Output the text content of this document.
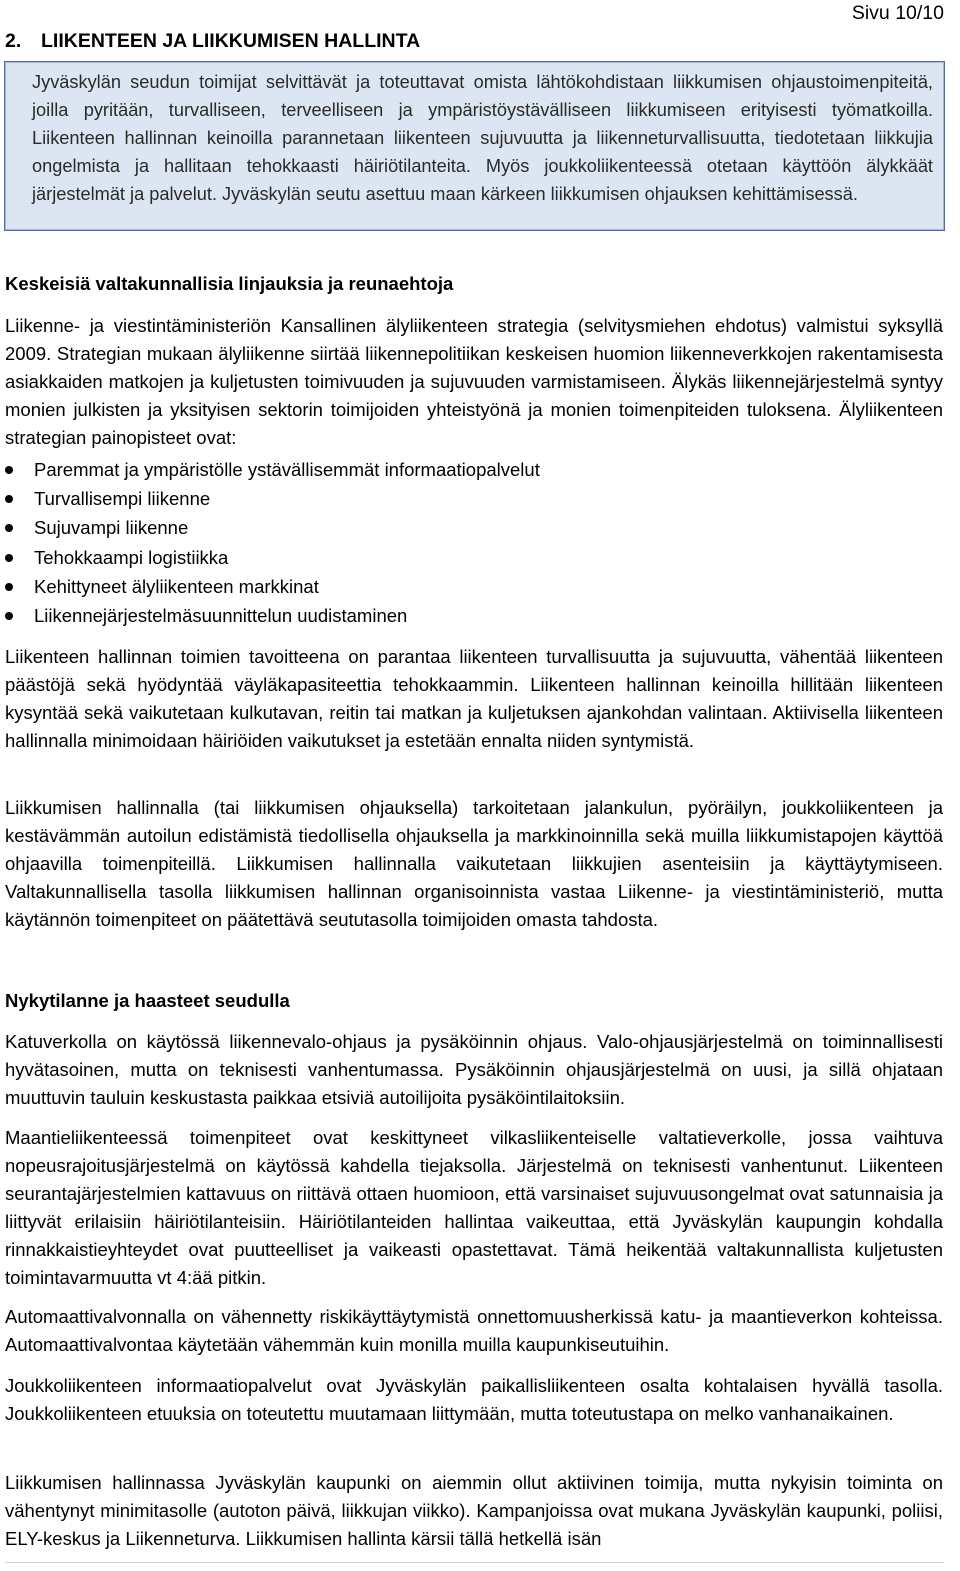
Sivu 10/10
2. LIIKENTEEN JA LIIKKUMISEN HALLINTA
Jyväskylän seudun toimijat selvittävät ja toteuttavat omista lähtökohdistaan liikkumisen ohjaustoimenpiteitä, joilla pyritään, turvalliseen, terveelliseen ja ympäristöystävälliseen liikkumiseen erityisesti työmatkoilla. Liikenteen hallinnan keinoilla parannetaan liikenteen sujuvuutta ja liikenneturvallisuutta, tiedotetaan liikkujia ongelmista ja hallitaan tehokkaasti häiriötilanteita. Myös joukkoliikenteessä otetaan käyttöön älykkäät järjestelmät ja palvelut. Jyväskylän seutu asettuu maan kärkeen liikkumisen ohjauksen kehittämisessä.
Keskeisiä valtakunnallisia linjauksia ja reunaehtoja
Liikenne- ja viestintäministeriön Kansallinen älyliikenteen strategia (selvitysmiehen ehdotus) valmistui syksyllä 2009. Strategian mukaan älyliikenne siirtää liikennepolitiikan keskeisen huomion liikenneverkkojen rakentamisesta asiakkaiden matkojen ja kuljetusten toimivuuden ja sujuvuuden varmistamiseen. Älykäs liikennejärjestelmä syntyy monien julkisten ja yksityisen sektorin toimijoiden yhteistyönä ja monien toimenpiteiden tuloksena. Älyliikenteen strategian painopisteet ovat:
Paremmat ja ympäristölle ystävällisemmät informaatiopalvelut
Turvallisempi liikenne
Sujuvampi liikenne
Tehokkaampi logistiikka
Kehittyneet älyliikenteen markkinat
Liikennejärjestelmäsuunnittelun uudistaminen
Liikenteen hallinnan toimien tavoitteena on parantaa liikenteen turvallisuutta ja sujuvuutta, vähentää liikenteen päästöjä sekä hyödyntää väyläkapasiteettia tehokkaammin. Liikenteen hallinnan keinoilla hillitään liikenteen kysyntää sekä vaikutetaan kulkutavan, reitin tai matkan ja kuljetuksen ajankohdan valintaan. Aktiivisella liikenteen hallinnalla minimoidaan häiriöiden vaikutukset ja estetään ennalta niiden syntymistä.
Liikkumisen hallinnalla (tai liikkumisen ohjauksella) tarkoitetaan jalankulun, pyöräilyn, joukkoliikenteen ja kestävämmän autoilun edistämistä tiedollisella ohjauksella ja markkinoinnilla sekä muilla liikkumistapojen käyttöä ohjaavilla toimenpiteillä. Liikkumisen hallinnalla vaikutetaan liikkujien asenteisiin ja käyttäytymiseen. Valtakunnallisella tasolla liikkumisen hallinnan organisoinnista vastaa Liikenne- ja viestintäministeriö, mutta käytännön toimenpiteet on päätettävä seututasolla toimijoiden omasta tahdosta.
Nykytilanne ja haasteet seudulla
Katuverkolla on käytössä liikennevalo-ohjaus ja pysäköinnin ohjaus. Valo-ohjausjärjestelmä on toiminnallisesti hyvätasoinen, mutta on teknisesti vanhentumassa. Pysäköinnin ohjausjärjestelmä on uusi, ja sillä ohjataan muuttuvin tauluin keskustasta paikkaa etsiviä autoilijoita pysäköintilaitoksiin.
Maantieliikenteessä toimenpiteet ovat keskittyneet vilkasliikenteiselle valtatieverkolle, jossa vaihtuva nopeusrajoitusjärjestelmä on käytössä kahdella tiejaksolla. Järjestelmä on teknisesti vanhentunut. Liikenteen seurantajärjestelmien kattavuus on riittävä ottaen huomioon, että varsinaiset sujuvuusongelmat ovat satunnaisia ja liittyvät erilaisiin häiriötilanteisiin. Häiriötilanteiden hallintaa vaikeuttaa, että Jyväskylän kaupungin kohdalla rinnakkaistieyhteydet ovat puutteelliset ja vaikeasti opastettavat. Tämä heikentää valtakunnallista kuljetusten toimintavarmuutta vt 4:ää pitkin.
Automaattivalvonnalla on vähennetty riskikäyttäytymistä onnettomuusherkissä katu- ja maantieverkon kohteissa. Automaattivalvontaa käytetään vähemmän kuin monilla muilla kaupunkiseutuihin.
Joukkoliikenteen informaatiopalvelut ovat Jyväskylän paikallisliikenteen osalta kohtalaisen hyvällä tasolla. Joukkoliikenteen etuuksia on toteutettu muutamaan liittymään, mutta toteutustapa on melko vanhanaikainen.
Liikkumisen hallinnassa Jyväskylän kaupunki on aiemmin ollut aktiivinen toimija, mutta nykyisin toiminta on vähentynyt minimitasolle (autoton päivä, liikkujan viikko). Kampanjoissa ovat mukana Jyväskylän kaupunki, poliisi, ELY-keskus ja Liikenneturva. Liikkumisen hallinta kärsii tällä hetkellä isän
